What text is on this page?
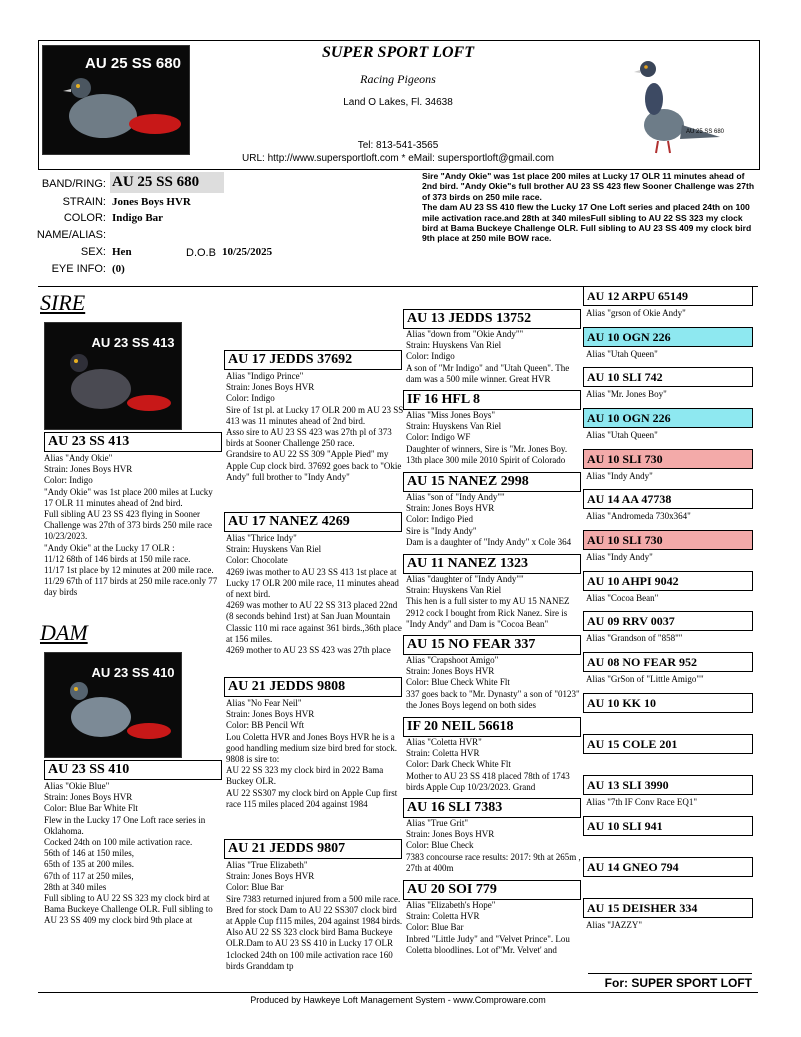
AU 25 SS 680
AU 25 SS 680
SUPER SPORT LOFT
Racing Pigeons
Land O Lakes, Fl. 34638
Tel: 813-541-3565
URL: http://www.supersportloft.com * eMail: supersportloft@gmail.com
BAND/RING: AU 25 SS 680
STRAIN: Jones Boys HVR
COLOR: Indigo Bar
NAME/ALIAS:
SEX: Hen	D.O.B 10/25/2025
EYE INFO: (0)
Sire "Andy Okie" was 1st place 200 miles at Lucky 17 OLR 11 minutes ahead of 2nd bird. "Andy Okie"s full brother AU 23 SS 423 flew Sooner Challenge was 27th of 373 birds on 250 mile race.
The dam AU 23 SS 410 flew the Lucky 17 One Loft series and placed 24th on 100 mile activation race.and 28th at 340 milesFull sibling to AU 22 SS 323 my clock bird at Bama Buckeye Challenge OLR. Full sibling to AU 23 SS 409 my clock bird 9th place at 250 mile BOW race.
SIRE
AU 23 SS 413
AU 23 SS 413
Alias "Andy Okie"
Strain: Jones Boys HVR
Color: Indigo
"Andy Okie" was 1st place 200 miles at Lucky 17 OLR 11 minutes ahead of 2nd bird.
Full sibling AU 23 SS 423 flying in Sooner Challenge was 27th of 373 birds 250 mile race 10/23/2023.
"Andy Okie" at the Lucky 17 OLR :
11/12 68th of 146 birds at 150 mile race.
11/17 1st place by 12 minutes at 200 mile race.
11/29 67th of 117 birds at 250 mile race.only 77 day birds
DAM
AU 23 SS 410
AU 23 SS 410
Alias "Okie Blue"
Strain: Jones Boys HVR
Color: Blue Bar White Flt
Flew in the Lucky 17 One Loft race series in Oklahoma.
Cocked 24th on 100 mile activation race.
56th of 146 at 150 miles,
65th of 135 at 200 miles.
67th of 117 at 250 miles,
28th at 340 miles
Full sibling to AU 22 SS 323 my clock bird at Bama Buckeye Challenge OLR. Full sibling to AU 23 SS 409 my clock bird 9th place at
AU 17 JEDDS 37692
Alias "Indigo Prince"
Strain: Jones Boys HVR
Color: Indigo
Sire of 1st pl. at Lucky 17 OLR 200 m AU 23 SS 413 was 11 minutes ahead of 2nd bird.
Asso sire to AU 23 SS 423 was 27th pl of 373 birds at Sooner Challenge 250 race.
Grandsire to AU 22 SS 309 "Apple Pied" my Apple Cup clock bird. 37692 goes back to "Okie Andy" full brother to "Indy Andy"
AU 17 NANEZ 4269
Alias "Thrice Indy"
Strain: Huyskens Van Riel
Color: Chocolate
4269 iwas mother to AU 23 SS 413 1st place at Lucky 17 OLR 200 mile race, 11 minutes ahead of next bird.
4269 was mother to AU 22 SS 313 placed 22nd (8 seconds behind 1rst) at San Juan Mountain Classic 110 mi race against 361 birds.,36th place at 156 miles.
4269 mother to AU 23 SS 423 was 27th place
AU 21 JEDDS 9808
Alias "No Fear Neil"
Strain: Jones Boys HVR
Color: BB Pencil Wft
Lou Coletta HVR and Jones Boys HVR he is a good handling medium size bird bred for stock. 9808 is sire to:
AU 22 SS 323 my clock bird in 2022 Bama Buckey OLR.
AU 22 SS307 my clock bird on Apple Cup first race 115 miles placed 204 against 1984
AU 21 JEDDS 9807
Alias "True Elizabeth"
Strain: Jones Boys HVR
Color: Blue Bar
Sire 7383 returned injured from a 500 mile race. Bred for stock Dam to AU 22 SS307 clock bird at Apple Cup f115 miles, 204 against 1984 birds. Also AU 22 SS 323 clock bird Bama Buckeye OLR.Dam to AU 23 SS 410 in Lucky 17 OLR 1clocked 24th on 100 mile activation race 160 birds Granddam tp
AU 13 JEDDS 13752
Alias "down from "Okie Andy""
Strain: Huyskens Van Riel
Color: Indigo
A son of "Mr Indigo" and "Utah Queen". The dam was a 500 mile winner. Great HVR
IF 16 HFL 8
Alias "Miss Jones Boys"
Strain: Huyskens Van Riel
Color: Indigo WF
Daughter of winners, Sire is "Mr. Jones Boy. 13th place 300 mile 2010 Spirit of Colorado
AU 15 NANEZ 2998
Alias "son of "Indy Andy""
Strain: Jones Boys HVR
Color: Indigo Pied
Sire is "Indy Andy"
Dam is a daughter of "Indy Andy" x Cole 364
AU 11 NANEZ 1323
Alias "daughter of "Indy Andy""
Strain: Huyskens Van Riel
This hen is a full sister to my AU 15 NANEZ 2912 cock I bought from Rick Nanez. Sire is "Indy Andy" and Dam is "Cocoa Bean"
AU 15 NO FEAR 337
Alias "Crapshoot Amigo"
Strain: Jones Boys HVR
Color: Blue Check White Flt
337 goes back to "Mr. Dynasty" a son of "0123" the Jones Boys legend on both sides
IF 20 NEIL 56618
Alias "Coletta HVR"
Strain: Coletta HVR
Color: Dark Check White Flt
Mother to AU 23 SS 418 placed 78th of 1743 birds Apple Cup 10/23/2023. Grand
AU 16 SLI 7383
Alias "True Grit"
Strain: Jones Boys HVR
Color: Blue Check
7383 concourse race results: 2017: 9th at 265m , 27th at 400m
AU 20 SOI 779
Alias "Elizabeth's Hope"
Strain: Coletta HVR
Color: Blue Bar
Inbred "Little Judy" and "Velvet Prince". Lou Coletta bloodlines. Lot of"Mr. Velvet' and
AU 12 ARPU 65149
Alias "grson of Okie Andy"
AU 10 OGN 226
Alias "Utah Queen"
AU 10 SLI 742
Alias "Mr. Jones Boy"
AU 10 OGN 226
Alias "Utah Queen"
AU 10 SLI 730
Alias "Indy Andy"
AU 14 AA 47738
Alias "Andromeda 730x364"
AU 10 SLI 730
Alias "Indy Andy"
AU 10 AHPI 9042
Alias "Cocoa Bean"
AU 09 RRV 0037
Alias "Grandson of "858""
AU 08 NO FEAR 952
Alias "GrSon of "Little Amigo""
AU 10 KK 10
AU 15 COLE 201
AU 13 SLI 3990
Alias "7th IF Conv Race EQ1"
AU 10 SLI 941
AU 14 GNEO 794
AU 15 DEISHER 334
Alias "JAZZY"
For: SUPER SPORT LOFT
Produced by Hawkeye Loft Management System - www.Comproware.com
